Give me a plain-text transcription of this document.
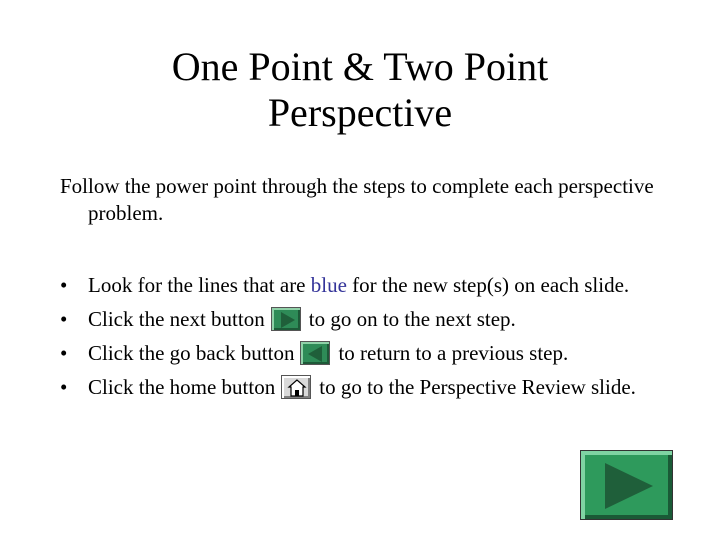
One Point & Two Point
Perspective
Follow the power point through the steps to complete each perspective problem.
• Look for the lines that are blue for the new step(s) on each slide.
• Click the next button to go on to the next step.
• Click the go back button to return to a previous step.
• Click the home button to go to the Perspective Review slide.
